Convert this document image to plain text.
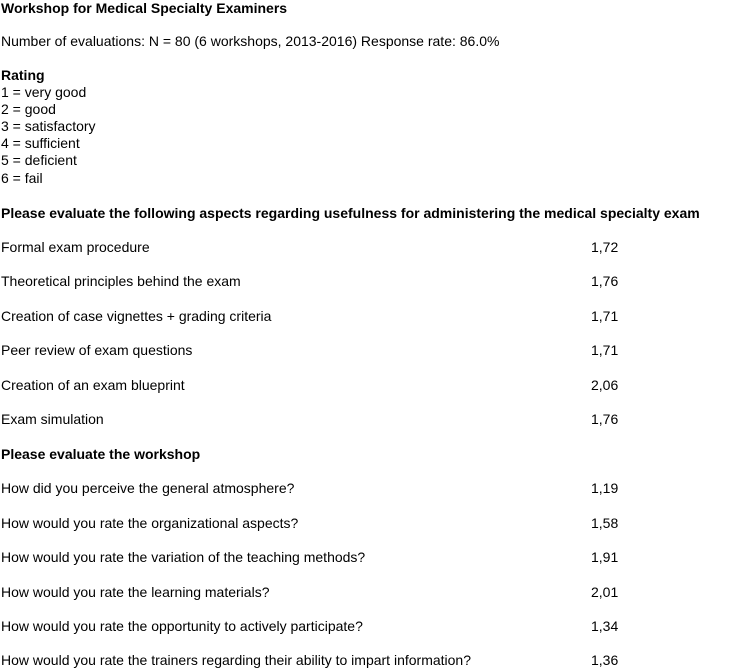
Workshop for Medical Specialty Examiners
Number of evaluations: N = 80 (6 workshops, 2013-2016) Response rate: 86.0%
Rating
1 = very good
2 = good
3 = satisfactory
4 = sufficient
5 = deficient
6 = fail
Please evaluate the following aspects regarding usefulness for administering the medical specialty exam
Formal exam procedure	1,72
Theoretical principles behind the exam	1,76
Creation of case vignettes + grading criteria	1,71
Peer review of exam questions	1,71
Creation of an exam blueprint	2,06
Exam simulation	1,76
Please evaluate the workshop
How did you perceive the general atmosphere?	1,19
How would you rate the organizational aspects?	1,58
How would you rate the variation of the teaching methods?	1,91
How would you rate the learning materials?	2,01
How would you rate the opportunity to actively participate?	1,34
How would you rate the trainers regarding their ability to impart information?	1,36
